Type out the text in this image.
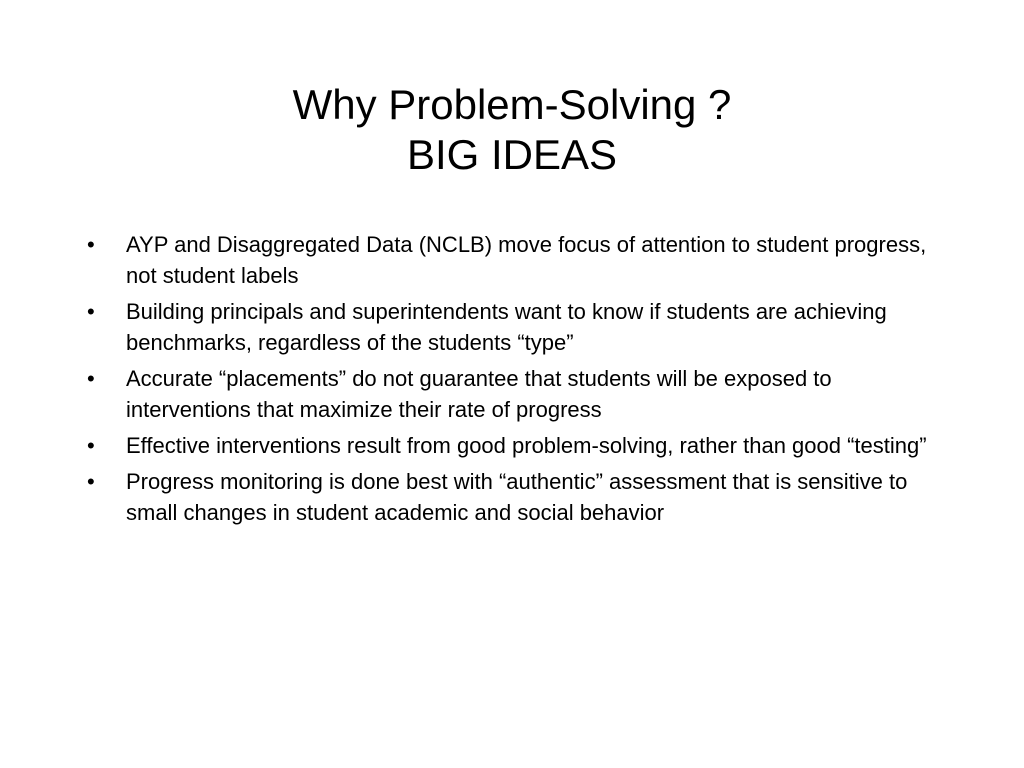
Why Problem-Solving ?
BIG IDEAS
• AYP and Disaggregated Data (NCLB) move focus of attention to student progress, not student labels
• Building principals and superintendents want to know if students are achieving benchmarks, regardless of the students “type”
• Accurate “placements” do not guarantee that students will be exposed to interventions that maximize their rate of progress
• Effective interventions result from good problem-solving, rather than good “testing”
• Progress monitoring is done best with “authentic” assessment that is sensitive to small changes in student academic and social behavior
